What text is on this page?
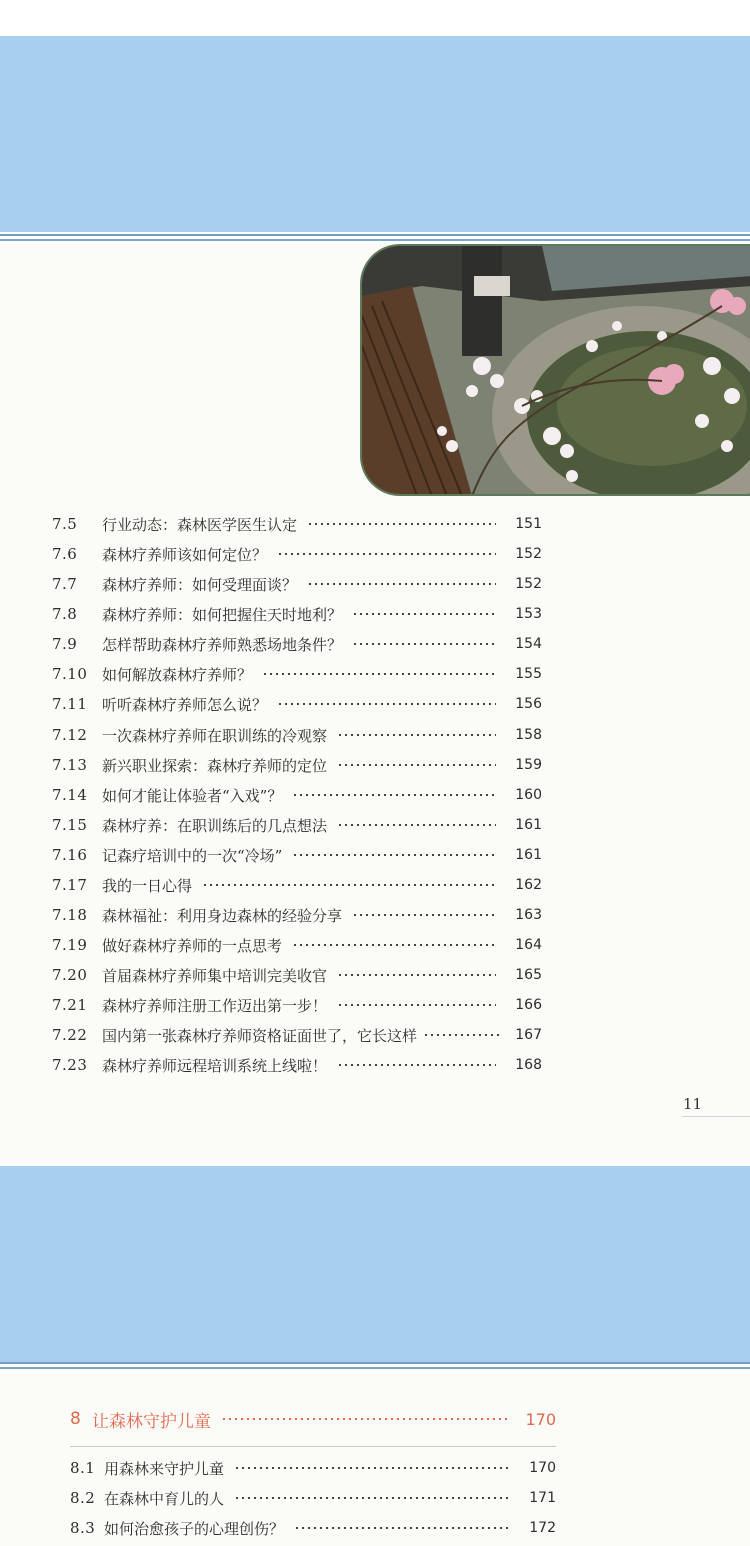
7.5	行业动态：森林医学医生认定	151
7.6	森林疗养师该如何定位？	152
7.7	森林疗养师：如何受理面谈？	152
7.8	森林疗养师：如何把握住天时地利？	153
7.9	怎样帮助森林疗养师熟悉场地条件？	154
7.10 如何解放森林疗养师？	155
7.11 听听森林疗养师怎么说？	156
7.12 一次森林疗养师在职训练的冷观察	158
7.13 新兴职业探索：森林疗养师的定位	159
7.14 如何才能让体验者“入戏”？	160
7.15 森林疗养：在职训练后的几点想法	161
7.16 记森疗培训中的一次“冷场”	161
7.17 我的一日心得	162
7.18 森林福祉：利用身边森林的经验分享	163
7.19 做好森林疗养师的一点思考	164
7.20 首届森林疗养师集中培训完美收官	165
7.21 森林疗养师注册工作迈出第一步！	166
7.22 国内第一张森林疗养师资格证面世了，它长这样	167
7.23 森林疗养师远程培训系统上线啦！	168
11
8 让森林守护儿童	170
8.1 用森林来守护儿童	170
8.2 在森林中育儿的人	171
8.3 如何治愈孩子的心理创伤？	172
